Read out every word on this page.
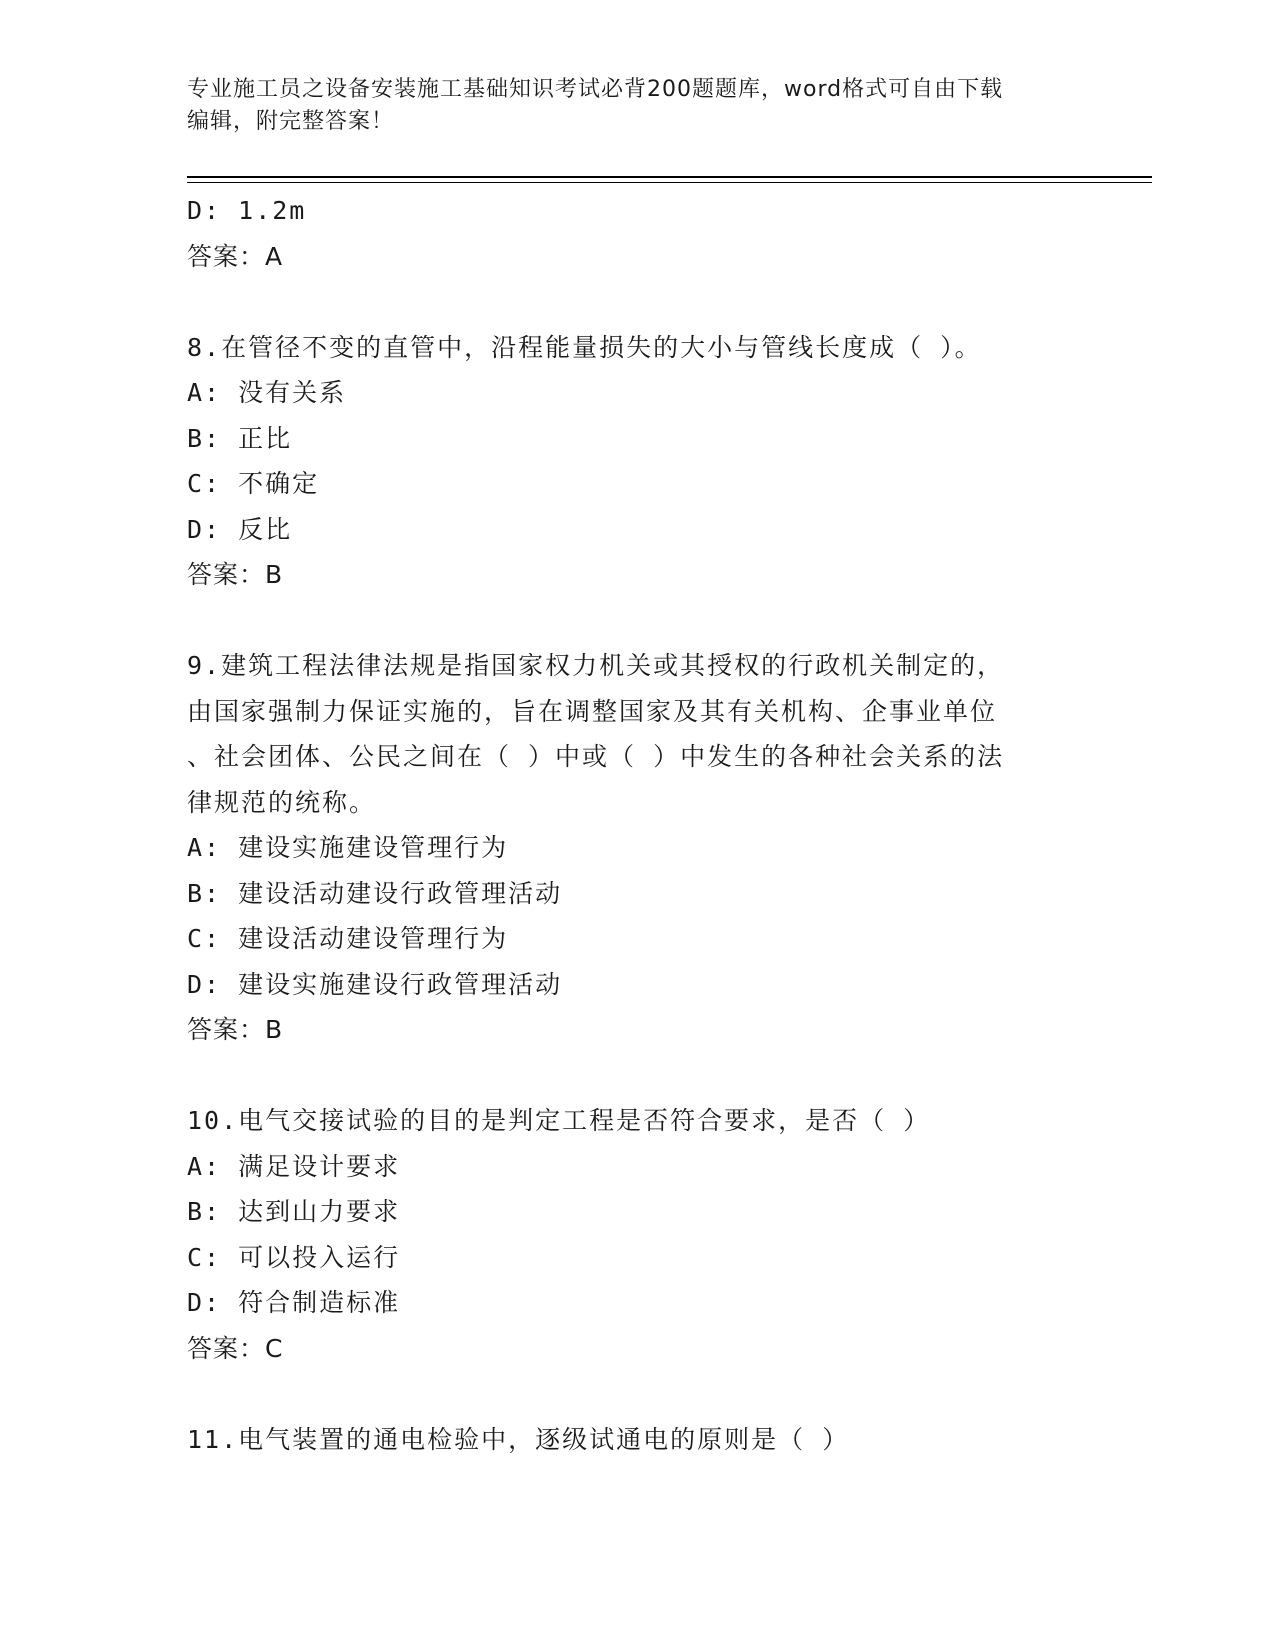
专业施工员之设备安装施工基础知识考试必背200题题库，word格式可自由下载
编辑，附完整答案！
D: 1.2m
答案：A
8.在管径不变的直管中，沿程能量损失的大小与管线长度成（ ）。
A: 没有关系
B: 正比
C: 不确定
D: 反比
答案：B
9.建筑工程法律法规是指国家权力机关或其授权的行政机关制定的，
由国家强制力保证实施的，旨在调整国家及其有关机构、企事业单位
、社会团体、公民之间在（ ）中或（ ）中发生的各种社会关系的法
律规范的统称。
A: 建设实施建设管理行为
B: 建设活动建设行政管理活动
C: 建设活动建设管理行为
D: 建设实施建设行政管理活动
答案：B
10.电气交接试验的目的是判定工程是否符合要求，是否（ ）
A: 满足设计要求
B: 达到山力要求
C: 可以投入运行
D: 符合制造标准
答案：C
11.电气装置的通电检验中，逐级试通电的原则是（ ）
